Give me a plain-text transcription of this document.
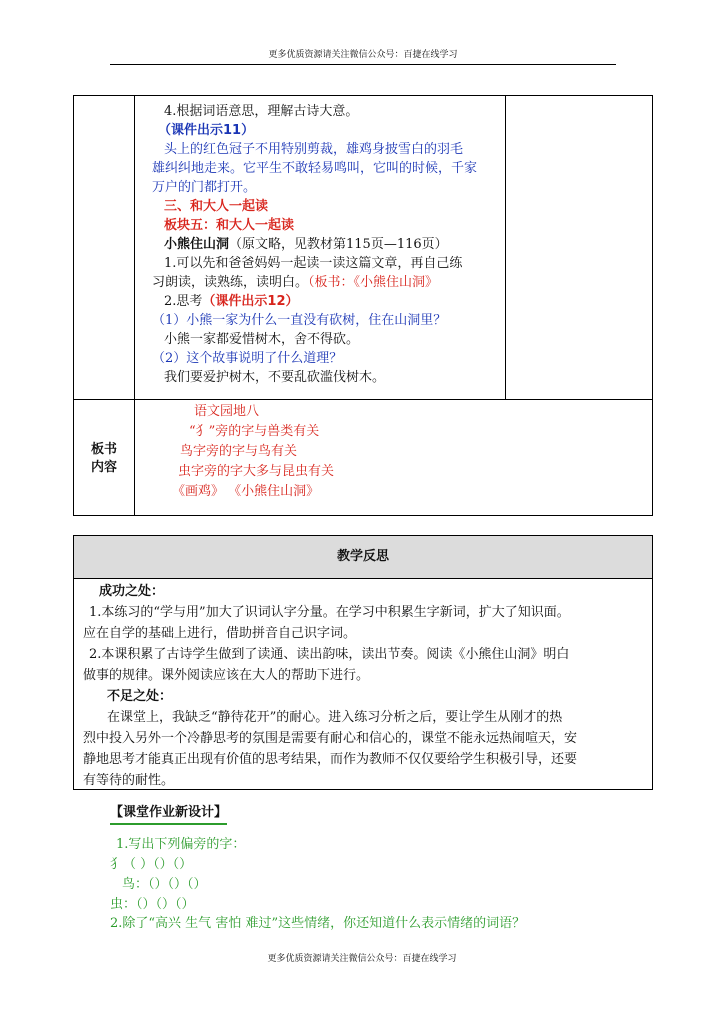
更多优质资源请关注微信公众号：百捷在线学习
4.根据词语意思，理解古诗大意。
（课件出示11）
头上的红色冠子不用特别剪裁，雄鸡身披雪白的羽毛
雄纠纠地走来。它平生不敢轻易鸣叫，它叫的时候，千家
万户的门都打开。
三、和大人一起读
板块五：和大人一起读
小熊住山洞（原文略，见教材第115页—116页）
1.可以先和爸爸妈妈一起读一读这篇文章，再自己练
习朗读，读熟练，读明白。（板书：《小熊住山洞》
2.思考（课件出示12）
（1）小熊一家为什么一直没有砍树，住在山洞里？
小熊一家都爱惜树木，舍不得砍。
（2）这个故事说明了什么道理？
我们要爱护树木，不要乱砍滥伐树木。
板书
内容
语文园地八
“犭”旁的字与兽类有关
鸟字旁的字与鸟有关
虫字旁的字大多与昆虫有关
《画鸡》 《小熊住山洞》
教学反思
成功之处：
1.本练习的“学与用”加大了识词认字分量。在学习中积累生字新词，扩大了知识面。
应在自学的基础上进行，借助拼音自己识字词。
2.本课积累了古诗学生做到了读通、读出韵味，读出节奏。阅读《小熊住山洞》明白
做事的规律。课外阅读应该在大人的帮助下进行。
不足之处：
在课堂上，我缺乏“静待花开”的耐心。进入练习分析之后，要让学生从刚才的热
烈中投入另外一个冷静思考的氛围是需要有耐心和信心的，课堂不能永远热闹喧天，安
静地思考才能真正出现有价值的思考结果，而作为教师不仅仅要给学生积极引导，还要
有等待的耐性。
【课堂作业新设计】
1.写出下列偏旁的字：
犭（ ）（）（）
鸟：（）（）（）
虫：（）（）（）
2.除了“高兴 生气 害怕 难过”这些情绪，你还知道什么表示情绪的词语？
更多优质资源请关注微信公众号：百捷在线学习
